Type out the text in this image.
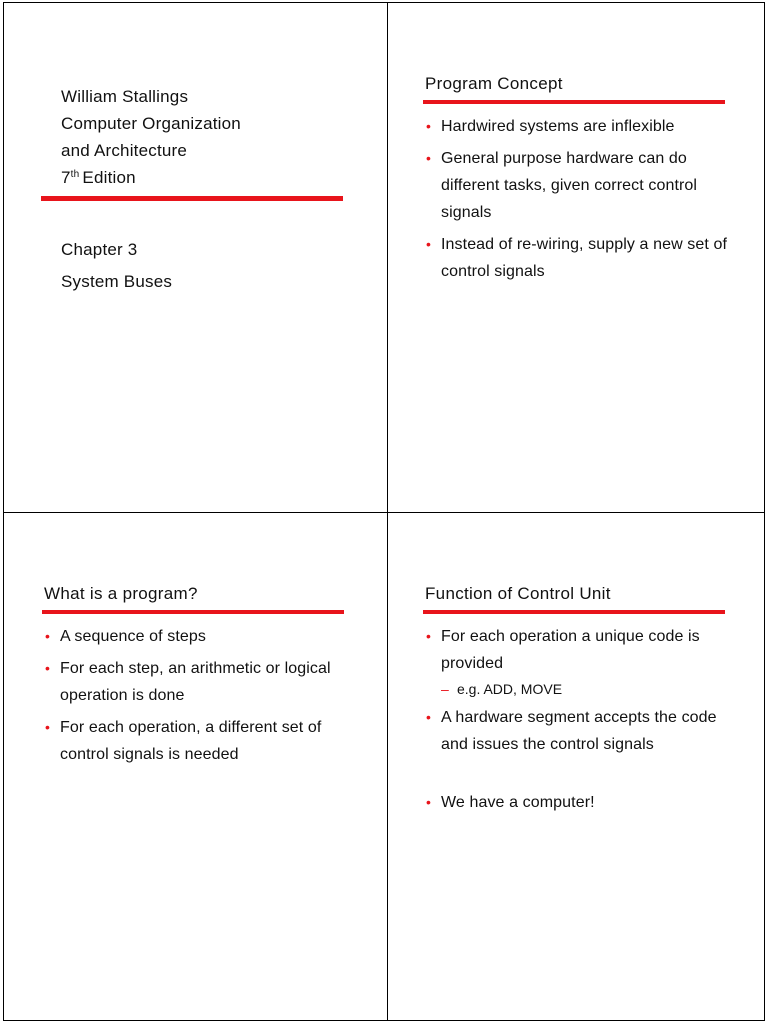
William Stallings
Computer Organization
and Architecture
7th Edition
Chapter 3
System Buses
Program Concept
• Hardwired systems are inflexible
• General purpose hardware can do different tasks, given correct control signals
• Instead of re-wiring, supply a new set of control signals
What is a program?
• A sequence of steps
• For each step, an arithmetic or logical operation is done
• For each operation, a different set of control signals is needed
Function of Control Unit
• For each operation a unique code is provided
– e.g. ADD, MOVE
• A hardware segment accepts the code and issues the control signals
• We have a computer!
